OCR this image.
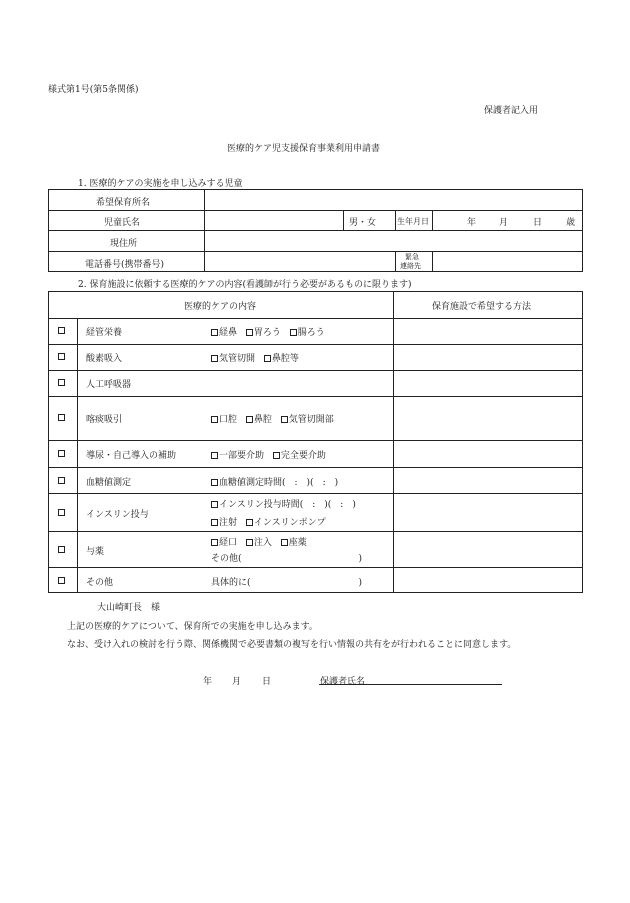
様式第1号(第5条関係)
保護者記入用
医療的ケア児支援保育事業利用申請書
1. 医療的ケアの実施を申し込みする児童
希望保育所名
児童氏名	男・女	生年月日	年	月	日	歳
現住所
電話番号(携帯番号)
緊急
連絡先
2. 保育施設に依頼する医療的ケアの内容(看護師が行う必要があるものに限ります)
医療的ケアの内容	保育施設で希望する方法
経管栄養	経鼻 胃ろう 腸ろう
酸素吸入	気管切開 鼻腔等
人工呼吸器
喀痰吸引	口腔 鼻腔 気管切開部
導尿・自己導入の補助	一部要介助 完全要介助
血糖値測定	血糖値測定時間(　:　)(　:　)
インスリン投与
インスリン投与時間(　:　)(　:　)
注射 インスリンポンプ
与薬
経口 注入 座薬
その他(　　　　　　　　　　　　　)
その他	具体的に(　　　　　　　　　　　　)
大山崎町長　様
上記の医療的ケアについて、保育所での実施を申し込みます。
なお、受け入れの検討を行う際、関係機関で必要書類の複写を行い情報の共有をが行われることに同意します。
年 月 日	保護者氏名
